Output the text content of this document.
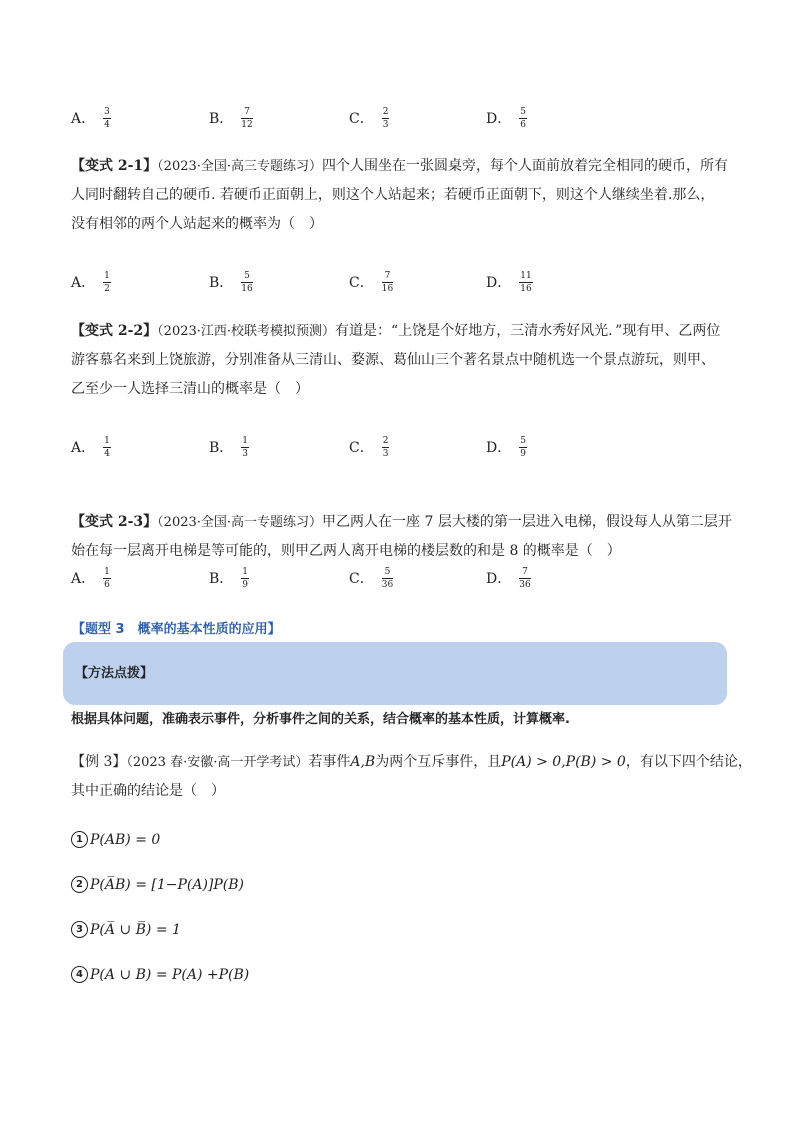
A． $\frac{3}{4}$	B． $\frac{7}{12}$	C． $\frac{2}{3}$	D． $\frac{5}{6}$
【变式 2-1】（2023·全国·高三专题练习）四个人围坐在一张圆桌旁，每个人面前放着完全相同的硬币，所有
人同时翻转自己的硬币. 若硬币正面朝上，则这个人站起来；若硬币正面朝下，则这个人继续坐着.那么，
没有相邻的两个人站起来的概率为（　）
A． $\frac{1}{2}$	B． $\frac{5}{16}$	C． $\frac{7}{16}$	D． $\frac{11}{16}$
【变式 2-2】（2023·江西·校联考模拟预测）有道是：“上饶是个好地方，三清水秀好风光．”现有甲、乙两位
游客慕名来到上饶旅游，分别准备从三清山、婺源、葛仙山三个著名景点中随机选一个景点游玩，则甲、
乙至少一人选择三清山的概率是（　）
A． $\frac{1}{4}$	B． $\frac{1}{3}$	C． $\frac{2}{3}$	D． $\frac{5}{9}$
【变式 2-3】（2023·全国·高一专题练习）甲乙两人在一座 7 层大楼的第一层进入电梯，假设每人从第二层开
始在每一层离开电梯是等可能的，则甲乙两人离开电梯的楼层数的和是 8 的概率是（　）
A． $\frac{1}{6}$	B． $\frac{1}{9}$	C． $\frac{5}{36}$	D． $\frac{7}{36}$
【题型 3　概率的基本性质的应用】
【方法点拨】
根据具体问题，准确表示事件，分析事件之间的关系，结合概率的基本性质，计算概率.
【例 3】（2023 春·安徽·高一开学考试）若事件A,B为两个互斥事件，且P(A) > 0,P(B) > 0，有以下四个结论，
其中正确的结论是（　）
1 P(AB) = 0
2 P(A̅B) = [1−P(A)]P(B)
3 P(A̅ ∪ B̅) = 1
4 P(A ∪ B) = P(A) +P(B)
